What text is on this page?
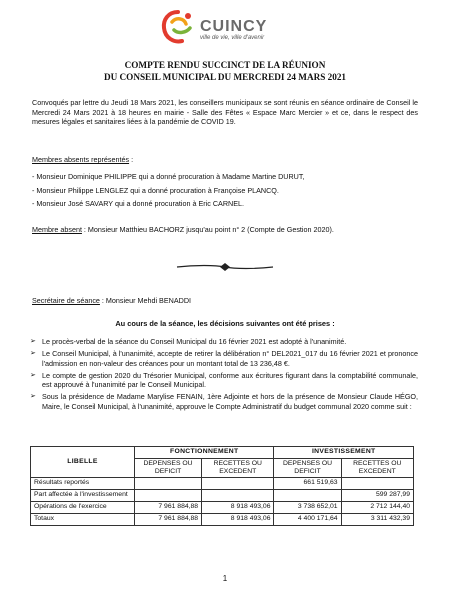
CUINCY
ville de vie, ville d'avenir
COMPTE RENDU SUCCINCT DE LA RÉUNION
DU CONSEIL MUNICIPAL DU MERCREDI 24 MARS 2021
Convoqués par lettre du Jeudi 18 Mars 2021, les conseillers municipaux se sont réunis en séance ordinaire de Conseil le Mercredi 24 Mars 2021 à 18 heures en mairie - Salle des Fêtes « Espace Marc Mercier » et ce, dans le respect des mesures légales et sanitaires liées à la pandémie de COVID 19.
Membres absents représentés :
- Monsieur Dominique PHILIPPE qui a donné procuration à Madame Martine DURUT,
- Monsieur Philippe LENGLEZ qui a donné procuration à Françoise PLANCQ.
- Monsieur José SAVARY qui a donné procuration à Eric CARNEL.
Membre absent : Monsieur Matthieu BACHORZ jusqu'au point n° 2 (Compte de Gestion 2020).
Secrétaire de séance : Monsieur Mehdi BENADDI
Au cours de la séance, les décisions suivantes ont été prises :
➢ Le procès-verbal de la séance du Conseil Municipal du 16 février 2021 est adopté à l'unanimité.
➢ Le Conseil Municipal, à l'unanimité, accepte de retirer la délibération n° DEL2021_017 du 16 février 2021 et prononce l'admission en non-valeur des créances pour un montant total de 13 236,48 €.
➢ Le compte de gestion 2020 du Trésorier Municipal, conforme aux écritures figurant dans la comptabilité communale, est approuvé à l'unanimité par le Conseil Municipal.
➢ Sous la présidence de Madame Marylise FENAIN, 1ère Adjointe et hors de la présence de Monsieur Claude HÉGO, Maire, le Conseil Municipal, à l'unanimité, approuve le Compte Administratif du budget communal 2020 comme suit :
LIBELLE	FONCTIONNEMENT		INVESTISSEMENT	
	DEPENSES OU DEFICIT	RECETTES OU EXCEDENT	DEPENSES OU DEFICIT	RECETTES OU EXCEDENT
Résultats reportés			661 519,63	
Part affectée à l'investissement				599 287,99
Opérations de l'exercice	7 961 884,88	8 918 493,06	3 738 652,01	2 712 144,40
Totaux	7 961 884,88	8 918 493,06	4 400 171,64	3 311 432,39
1
